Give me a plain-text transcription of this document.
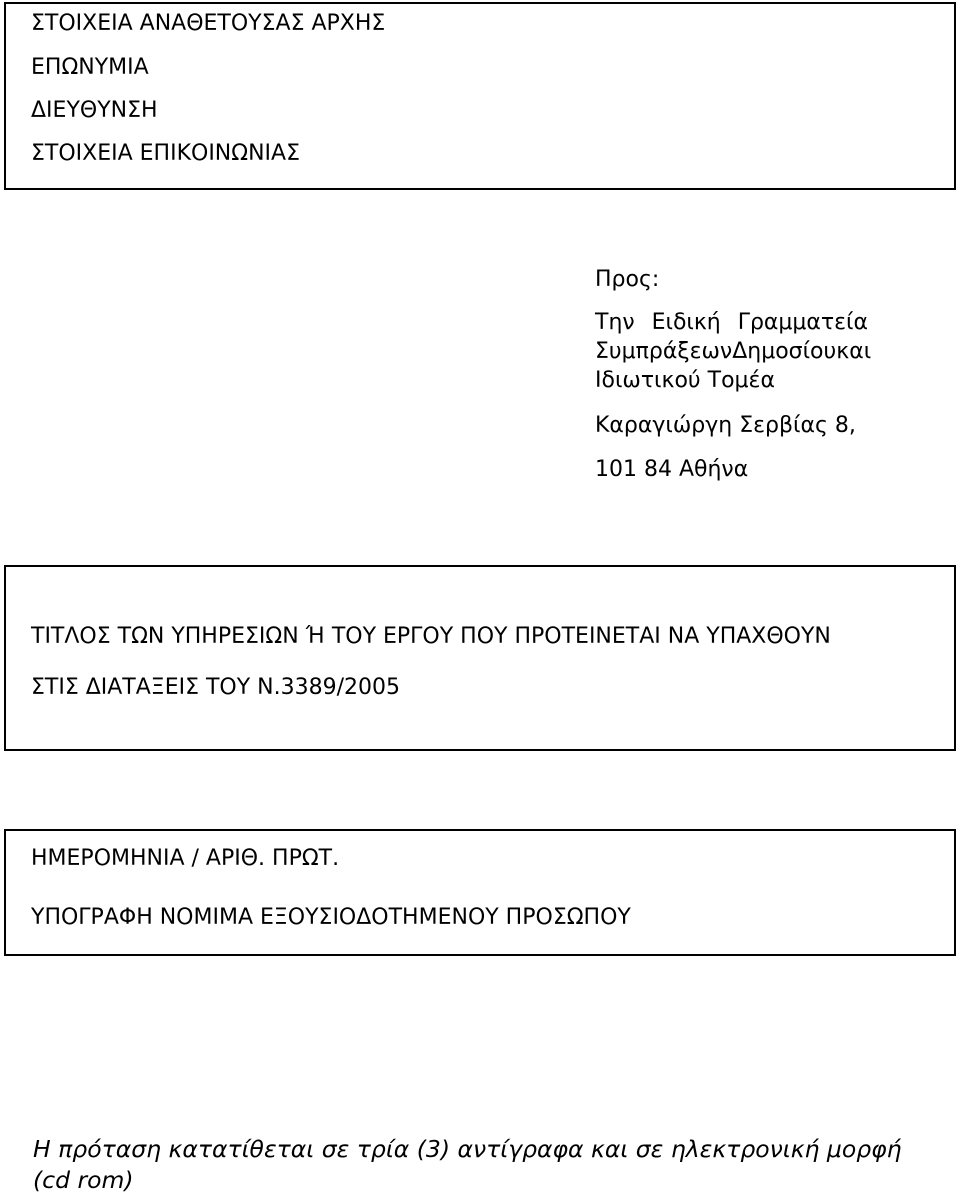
ΣΤΟΙΧΕΙΑ ΑΝΑΘΕΤΟΥΣΑΣ ΑΡΧΗΣ
ΕΠΩΝΥΜΙΑ
ΔΙΕΥΘΥΝΣΗ
ΣΤΟΙΧΕΙΑ ΕΠΙΚΟΙΝΩΝΙΑΣ
Προς:
Την Ειδική Γραμματεία
Συμπράξεων Δημοσίου και
Ιδιωτικού Τομέα
Καραγιώργη Σερβίας 8,
101 84 Αθήνα
ΤΙΤΛΟΣ ΤΩΝ ΥΠΗΡΕΣΙΩΝ Ή ΤΟΥ ΕΡΓΟΥ ΠΟΥ ΠΡΟΤΕΙΝΕΤΑΙ ΝΑ ΥΠΑΧΘΟΥΝ
ΣΤΙΣ ΔΙΑΤΑΞΕΙΣ ΤΟΥ Ν.3389/2005
ΗΜΕΡΟΜΗΝΙΑ / ΑΡΙΘ. ΠΡΩΤ.
ΥΠΟΓΡΑΦΗ ΝΟΜΙΜΑ ΕΞΟΥΣΙΟΔΟΤΗΜΕΝΟΥ ΠΡΟΣΩΠΟΥ
Η πρόταση κατατίθεται σε τρία (3) αντίγραφα και σε ηλεκτρονική μορφή (cd rom)
